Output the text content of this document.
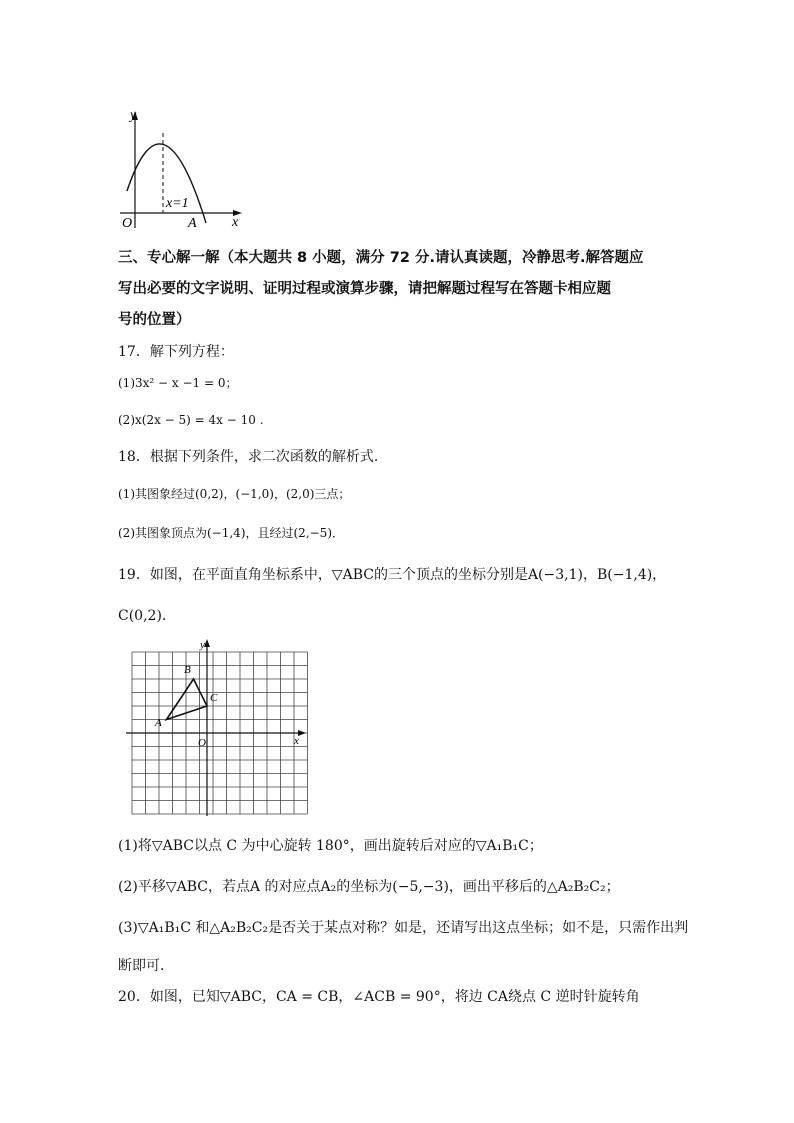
y
x
O
x=1
A
三、专心解一解（本大题共 8 小题，满分 72 分.请认真读题，冷静思考.解答题应
写出必要的文字说明、证明过程或演算步骤，请把解题过程写在答题卡相应题
号的位置）
17．解下列方程：
(1)3x² − x −1 = 0；
(2)x(2x − 5) = 4x − 10 .
18．根据下列条件，求二次函数的解析式．
(1)其图象经过(0,2)，(−1,0)，(2,0)三点；
(2)其图象顶点为(−1,4)，且经过(2,−5)．
19．如图，在平面直角坐标系中，▽ABC的三个顶点的坐标分别是A(−3,1)，B(−1,4)，
C(0,2).
y
x
O
A
B
C
(1)将▽ABC以点 C 为中心旋转 180°，画出旋转后对应的▽A₁B₁C；
(2)平移▽ABC，若点A 的对应点A₂的坐标为(−5,−3)，画出平移后的△A₂B₂C₂；
(3)▽A₁B₁C 和△A₂B₂C₂是否关于某点对称？如是，还请写出这点坐标；如不是，只需作出判
断即可．
20．如图，已知▽ABC，CA = CB，∠ACB = 90°，将边 CA绕点 C 逆时针旋转角
